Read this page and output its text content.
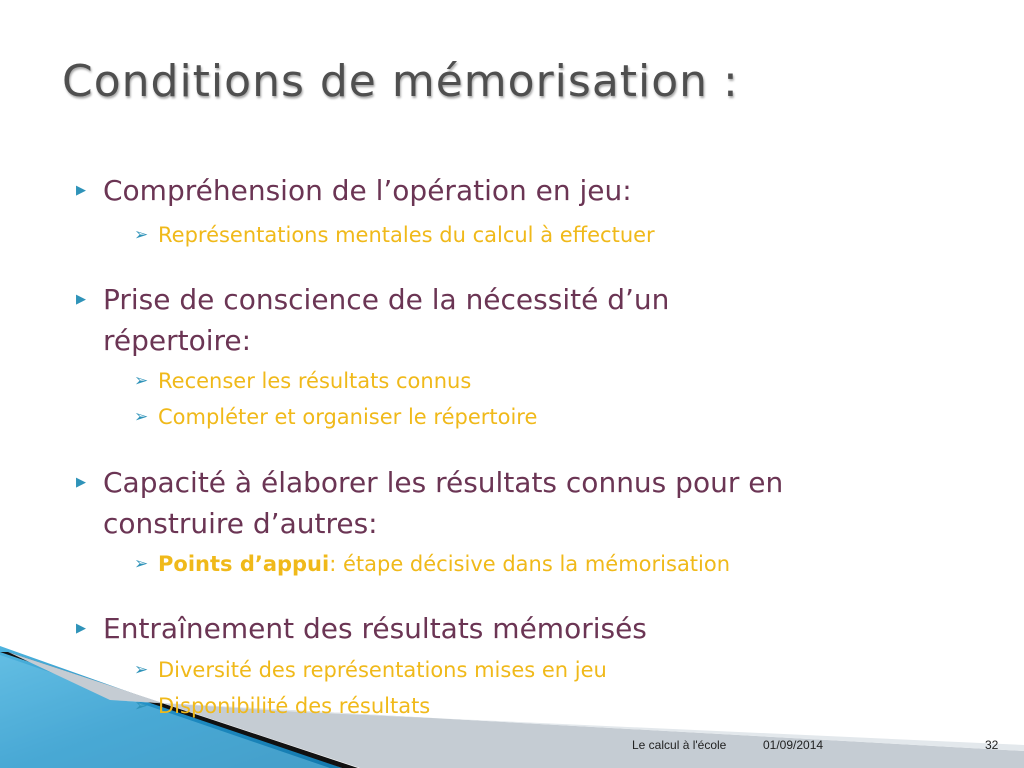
Conditions de mémorisation :
▶ Compréhension de l’opération en jeu:
➢ Représentations mentales du calcul à effectuer
▶ Prise de conscience de la nécessité d’un
répertoire:
➢ Recenser les résultats connus
➢ Compléter et organiser le répertoire
▶ Capacité à élaborer les résultats connus pour en
construire d’autres:
➢ Points d’appui: étape décisive dans la mémorisation
▶ Entraînement des résultats mémorisés
➢ Diversité des représentations mises en jeu
➢ Disponibilité des résultats
Le calcul à l'école	01/09/2014	32
